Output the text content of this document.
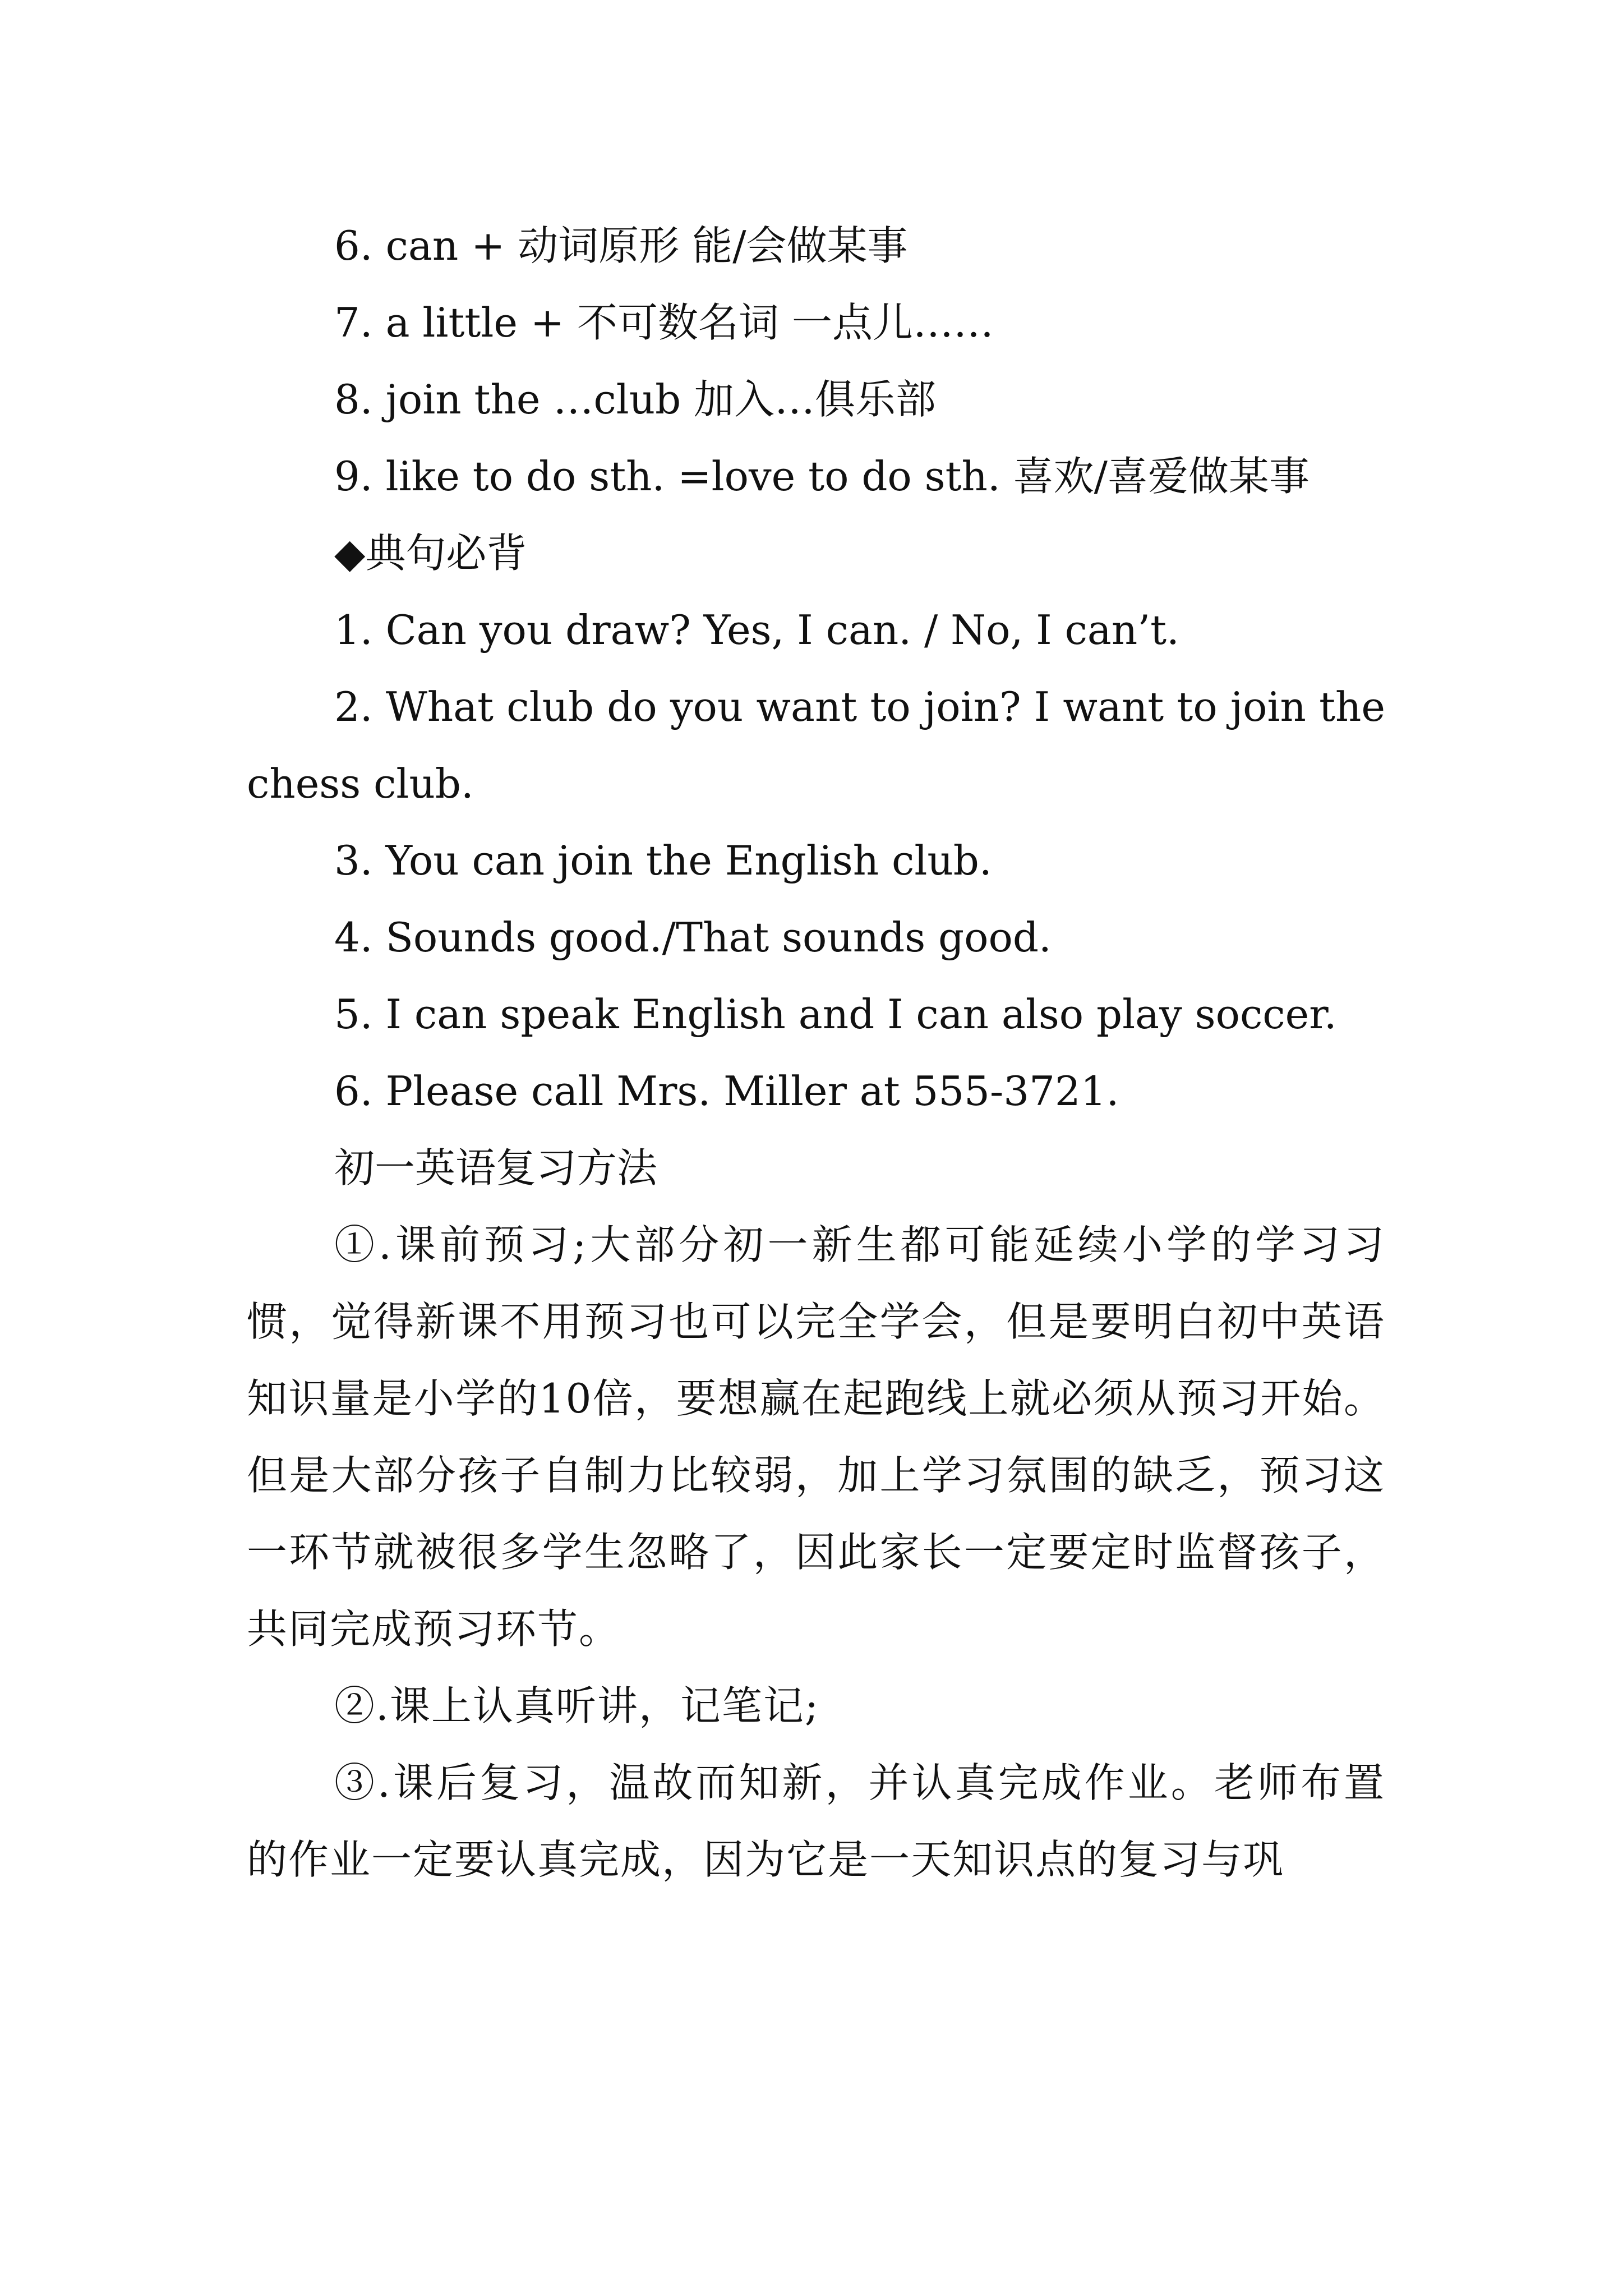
6. can + 动词原形 能/会做某事

7. a little + 不可数名词 一点儿……

8. join the …club 加入…俱乐部

9. like to do sth. =love to do sth. 喜欢/喜爱做某事

◆典句必背

1. Can you draw? Yes, I can. / No, I can’t.

2. What club do you want to join? I want to join the chess club.

3. You can join the English club.

4. Sounds good./That sounds good.

5. I can speak English and I can also play soccer.

6. Please call Mrs. Miller at 555-3721.

初一英语复习方法

①.课前预习;大部分初一新生都可能延续小学的学习习惯，觉得新课不用预习也可以完全学会，但是要明白初中英语知识量是小学的10倍，要想赢在起跑线上就必须从预习开始。但是大部分孩子自制力比较弱，加上学习氛围的缺乏，预习这一环节就被很多学生忽略了，因此家长一定要定时监督孩子，共同完成预习环节。

②.课上认真听讲，记笔记;

③.课后复习，温故而知新，并认真完成作业。老师布置的作业一定要认真完成，因为它是一天知识点的复习与巩
